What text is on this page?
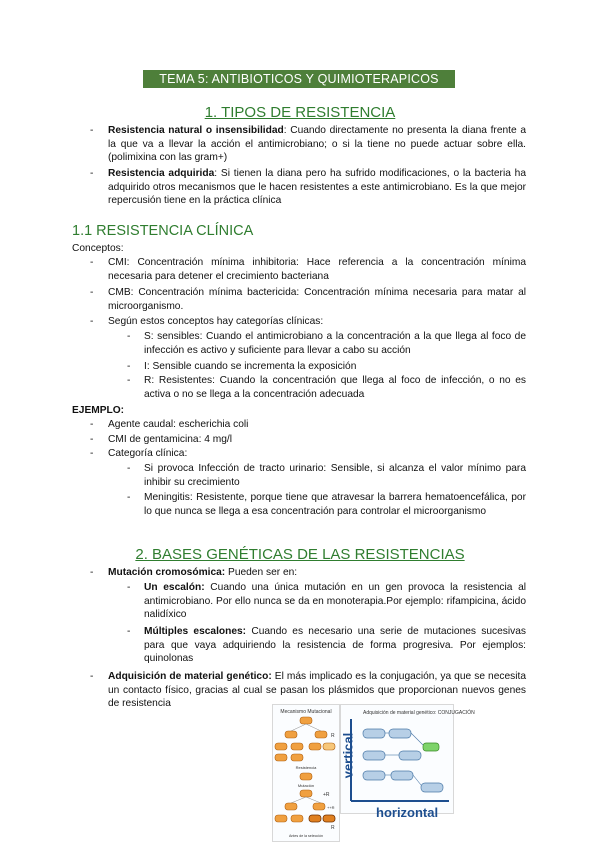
TEMA 5: ANTIBIOTICOS Y QUIMIOTERAPICOS
1. TIPOS DE RESISTENCIA
- Resistencia natural o insensibilidad: Cuando directamente no presenta la diana frente a la que va a llevar la acción el antimicrobiano; o si la tiene no puede actuar sobre ella. (polimixina con las gram+)
- Resistencia adquirida: Si tienen la diana pero ha sufrido modificaciones, o la bacteria ha adquirido otros mecanismos que le hacen resistentes a este antimicrobiano. Es la que mejor repercusión tiene en la práctica clínica
1.1 RESISTENCIA CLÍNICA
Conceptos:
- CMI: Concentración mínima inhibitoria: Hace referencia a la concentración mínima necesaria para detener el crecimiento bacteriana
- CMB: Concentración mínima bactericida: Concentración mínima necesaria para matar al microorganismo.
- Según estos conceptos hay categorías clínicas:
- S: sensibles: Cuando el antimicrobiano a la concentración a la que llega al foco de infección es activo y suficiente para llevar a cabo su acción
- I: Sensible cuando se incrementa la exposición
- R: Resistentes: Cuando la concentración que llega al foco de infección, o no es activa o no se llega a la concentración adecuada
EJEMPLO:
- Agente caudal: escherichia coli
- CMI de gentamicina: 4 mg/l
- Categoría clínica:
- Si provoca Infección de tracto urinario: Sensible, si alcanza el valor mínimo para inhibir su crecimiento
- Meningitis: Resistente, porque tiene que atravesar la barrera hematoencefálica, por lo que nunca se llega a esa concentración para controlar el microorganismo
2. BASES GENÉTICAS DE LAS RESISTENCIAS
- Mutación cromosómica: Pueden ser en:
- Un escalón: Cuando una única mutación en un gen provoca la resistencia al antimicrobiano. Por ello nunca se da en monoterapia.Por ejemplo: rifampicina, ácido nalidíxico
- Múltiples escalones: Cuando es necesario una serie de mutaciones sucesivas para que vaya adquiriendo la resistencia de forma progresiva. Por ejemplos: quinolonas
- Adquisición de material genético: El más implicado es la conjugación, ya que se necesita un contacto físico, gracias al cual se pasan los plásmidos que proporcionan nuevos genes de resistencia
Mecanismo Mutacional
R
Resistencia
Mutación
+R
++R
R
Antes de la selección
Adquisición de material genético: CONJUGACIÓN
vertical
horizontal
